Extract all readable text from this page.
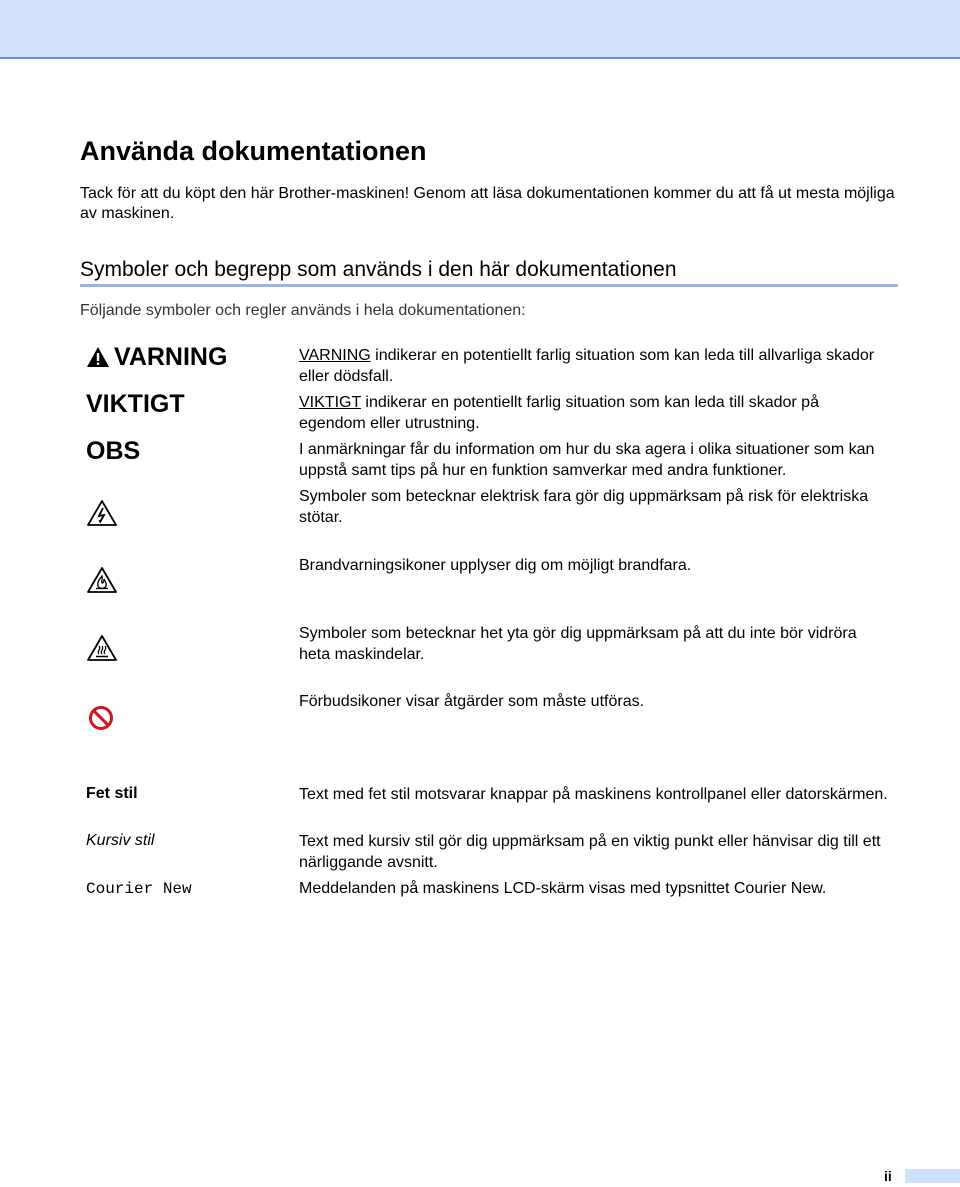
Använda dokumentationen

Tack för att du köpt den här Brother-maskinen! Genom att läsa dokumentationen kommer du att få ut mesta möjliga av maskinen.

Symboler och begrepp som används i den här dokumentationen

Följande symboler och regler används i hela dokumentationen:

VARNING	VARNING indikerar en potentiellt farlig situation som kan leda till allvarliga skador eller dödsfall.

VIKTIGT	VIKTIGT indikerar en potentiellt farlig situation som kan leda till skador på egendom eller utrustning.

OBS	I anmärkningar får du information om hur du ska agera i olika situationer som kan uppstå samt tips på hur en funktion samverkar med andra funktioner.

Symboler som betecknar elektrisk fara gör dig uppmärksam på risk för elektriska stötar.

Brandvarningsikoner upplyser dig om möjligt brandfara.

Symboler som betecknar het yta gör dig uppmärksam på att du inte bör vidröra heta maskindelar.

Förbudsikoner visar åtgärder som måste utföras.

Fet stil	Text med fet stil motsvarar knappar på maskinens kontrollpanel eller datorskärmen.

Kursiv stil	Text med kursiv stil gör dig uppmärksam på en viktig punkt eller hänvisar dig till ett närliggande avsnitt.

Courier New	Meddelanden på maskinens LCD-skärm visas med typsnittet Courier New.

ii
